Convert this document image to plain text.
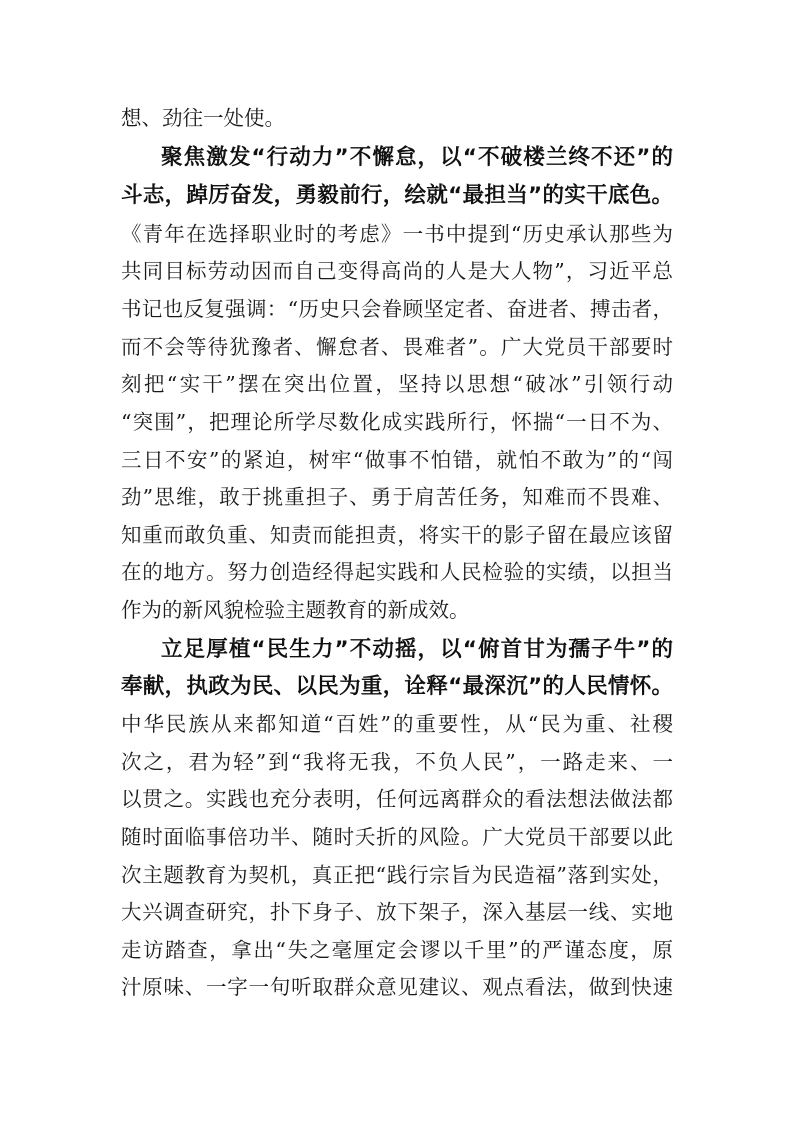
想、劲往一处使。
聚焦激发“行动力”不懈怠，以“不破楼兰终不还”的
斗志，踔厉奋发，勇毅前行，绘就“最担当”的实干底色。
《青年在选择职业时的考虑》一书中提到“历史承认那些为
共同目标劳动因而自己变得高尚的人是大人物”，习近平总
书记也反复强调：“历史只会眷顾坚定者、奋进者、搏击者，
而不会等待犹豫者、懈怠者、畏难者”。广大党员干部要时
刻把“实干”摆在突出位置，坚持以思想“破冰”引领行动
“突围”，把理论所学尽数化成实践所行，怀揣“一日不为、
三日不安”的紧迫，树牢“做事不怕错，就怕不敢为”的“闯
劲”思维，敢于挑重担子、勇于肩苦任务，知难而不畏难、
知重而敢负重、知责而能担责，将实干的影子留在最应该留
在的地方。努力创造经得起实践和人民检验的实绩，以担当
作为的新风貌检验主题教育的新成效。
立足厚植“民生力”不动摇，以“俯首甘为孺子牛”的
奉献，执政为民、以民为重，诠释“最深沉”的人民情怀。
中华民族从来都知道“百姓”的重要性，从“民为重、社稷
次之，君为轻”到“我将无我，不负人民”，一路走来、一
以贯之。实践也充分表明，任何远离群众的看法想法做法都
随时面临事倍功半、随时夭折的风险。广大党员干部要以此
次主题教育为契机，真正把“践行宗旨为民造福”落到实处，
大兴调查研究，扑下身子、放下架子，深入基层一线、实地
走访踏查，拿出“失之毫厘定会谬以千里”的严谨态度，原
汁原味、一字一句听取群众意见建议、观点看法，做到快速
